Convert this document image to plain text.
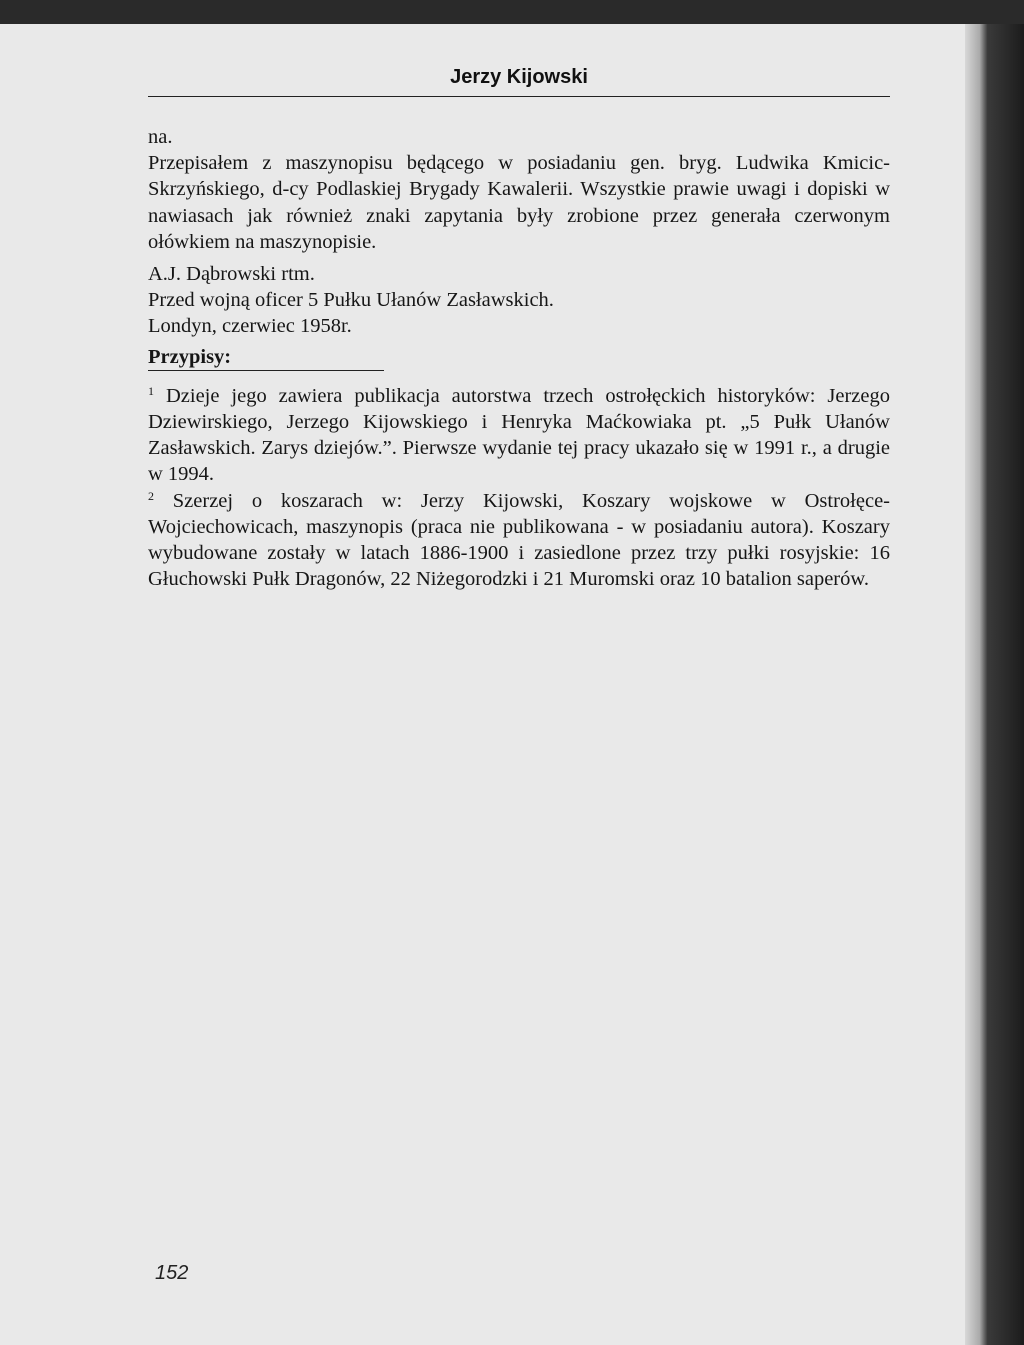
Jerzy Kijowski

na.

Przepisałem z maszynopisu będącego w posiadaniu gen. bryg. Ludwika Kmicic-Skrzyńskiego, d-cy Podlaskiej Brygady Kawalerii. Wszystkie prawie uwagi i dopiski w nawiasach jak również znaki zapytania były zrobione przez generała czerwonym ołówkiem na maszynopisie.

A.J. Dąbrowski rtm.

Przed wojną oficer 5 Pułku Ułanów Zasławskich.

Londyn, czerwiec 1958r.

Przypisy:

$^1$ Dzieje jego zawiera publikacja autorstwa trzech ostrołęckich historyków: Jerzego Dziewirskiego, Jerzego Kijowskiego i Henryka Maćkowiaka pt. „5 Pułk Ułanów Zasławskich. Zarys dziejów.”. Pierwsze wydanie tej pracy ukazało się w 1991 r., a drugie w 1994.

$^2$ Szerzej o koszarach w: Jerzy Kijowski, Koszary wojskowe w Ostrołęce-Wojciechowicach, maszynopis (praca nie publikowana - w posiadaniu autora). Koszary wybudowane zostały w latach 1886-1900 i zasiedlone przez trzy pułki rosyjskie: 16 Głuchowski Pułk Dragonów, 22 Niżegorodzki i 21 Muromski oraz 10 batalion saperów.

152
